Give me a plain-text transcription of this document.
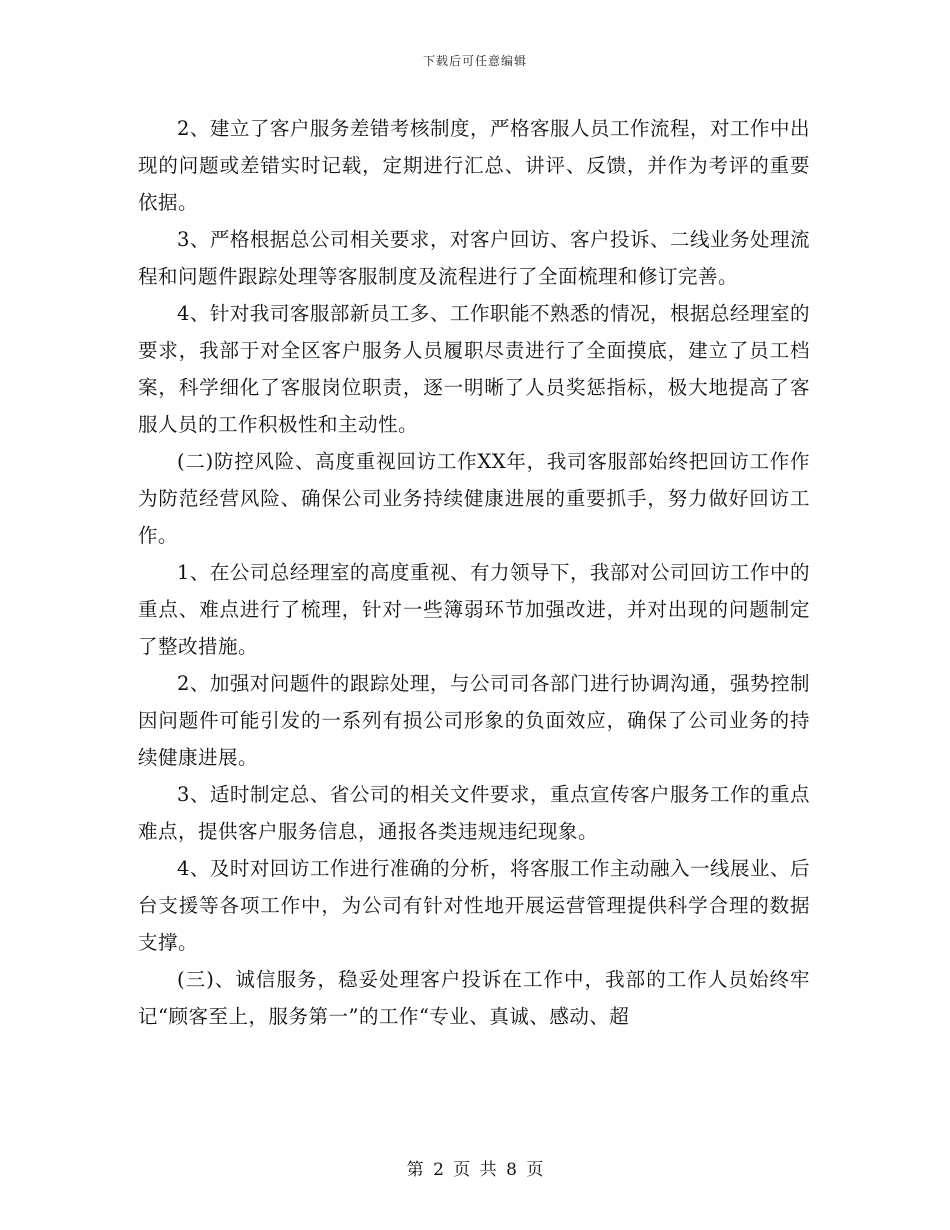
下载后可任意编辑

2、建立了客户服务差错考核制度，严格客服人员工作流程，对工作中出现的问题或差错实时记载，定期进行汇总、讲评、反馈，并作为考评的重要依据。

3、严格根据总公司相关要求，对客户回访、客户投诉、二线业务处理流程和问题件跟踪处理等客服制度及流程进行了全面梳理和修订完善。

4、针对我司客服部新员工多、工作职能不熟悉的情况，根据总经理室的要求，我部于对全区客户服务人员履职尽责进行了全面摸底，建立了员工档案，科学细化了客服岗位职责，逐一明晰了人员奖惩指标，极大地提高了客服人员的工作积极性和主动性。

(二)防控风险、高度重视回访工作XX年，我司客服部始终把回访工作作为防范经营风险、确保公司业务持续健康进展的重要抓手，努力做好回访工作。

1、在公司总经理室的高度重视、有力领导下，我部对公司回访工作中的重点、难点进行了梳理，针对一些簿弱环节加强改进，并对出现的问题制定了整改措施。

2、加强对问题件的跟踪处理，与公司司各部门进行协调沟通，强势控制因问题件可能引发的一系列有损公司形象的负面效应，确保了公司业务的持续健康进展。

3、适时制定总、省公司的相关文件要求，重点宣传客户服务工作的重点难点，提供客户服务信息，通报各类违规违纪现象。

4、及时对回访工作进行准确的分析，将客服工作主动融入一线展业、后台支援等各项工作中，为公司有针对性地开展运营管理提供科学合理的数据支撑。

(三)、诚信服务，稳妥处理客户投诉在工作中，我部的工作人员始终牢记“顾客至上，服务第一”的工作“专业、真诚、感动、超

第 2 页 共 8 页
